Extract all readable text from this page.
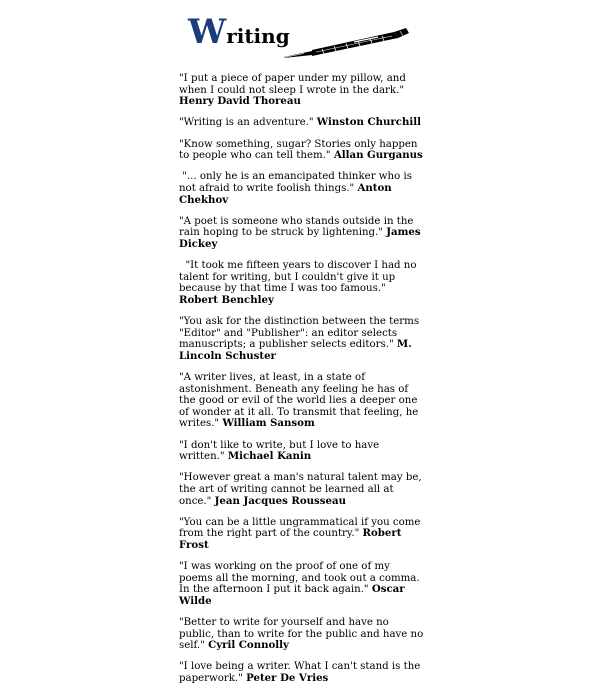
Writing

"I put a piece of paper under my pillow, and when I could not sleep I wrote in the dark." Henry David Thoreau

"Writing is an adventure." Winston Churchill

"Know something, sugar? Stories only happen to people who can tell them." Allan Gurganus

"... only he is an emancipated thinker who is not afraid to write foolish things." Anton Chekhov

"A poet is someone who stands outside in the rain hoping to be struck by lightening." James Dickey

"It took me fifteen years to discover I had no talent for writing, but I couldn't give it up because by that time I was too famous." Robert Benchley

"You ask for the distinction between the terms "Editor" and "Publisher": an editor selects manuscripts; a publisher selects editors." M. Lincoln Schuster

"A writer lives, at least, in a state of astonishment. Beneath any feeling he has of the good or evil of the world lies a deeper one of wonder at it all. To transmit that feeling, he writes." William Sansom

"I don't like to write, but I love to have written." Michael Kanin

"However great a man's natural talent may be, the art of writing cannot be learned all at once." Jean Jacques Rousseau

"You can be a little ungrammatical if you come from the right part of the country." Robert Frost

"I was working on the proof of one of my poems all the morning, and took out a comma. In the afternoon I put it back again." Oscar Wilde

"Better to write for yourself and have no public, than to write for the public and have no self." Cyril Connolly

"I love being a writer. What I can't stand is the paperwork." Peter De Vries
